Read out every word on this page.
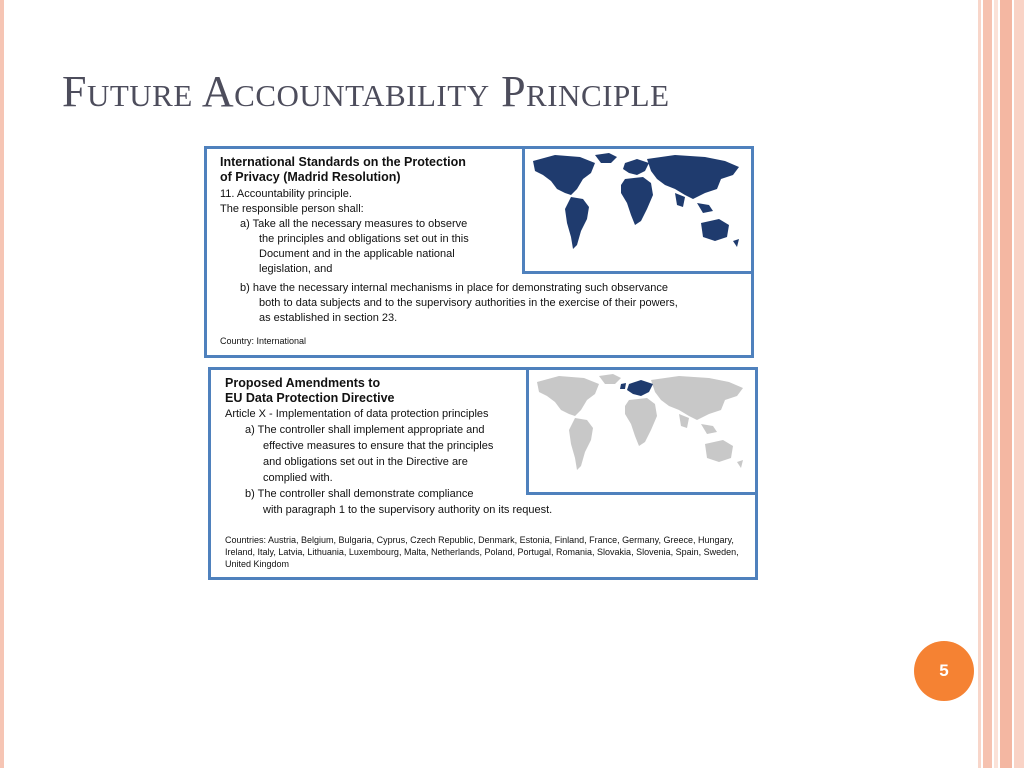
Future Accountability Principle
International Standards on the Protection
of Privacy (Madrid Resolution)
11. Accountability principle.
The responsible person shall:
a) Take all the necessary measures to observe
the principles and obligations set out in this
Document and in the applicable national
legislation, and
b) have the necessary internal mechanisms in place for demonstrating such observance
both to data subjects and to the supervisory authorities in the exercise of their powers,
as established in section 23.
Country: International
Proposed Amendments to
EU Data Protection Directive
Article X - Implementation of data protection principles
a) The controller shall implement appropriate and
effective measures to ensure that the principles
and obligations set out in the Directive are
complied with.
b) The controller shall demonstrate compliance
with paragraph 1 to the supervisory authority on its request.
Countries: Austria, Belgium, Bulgaria, Cyprus, Czech Republic, Denmark, Estonia, Finland, France, Germany, Greece, Hungary, Ireland, Italy, Latvia, Lithuania, Luxembourg, Malta, Netherlands, Poland, Portugal, Romania, Slovakia, Slovenia, Spain, Sweden, United Kingdom
5
